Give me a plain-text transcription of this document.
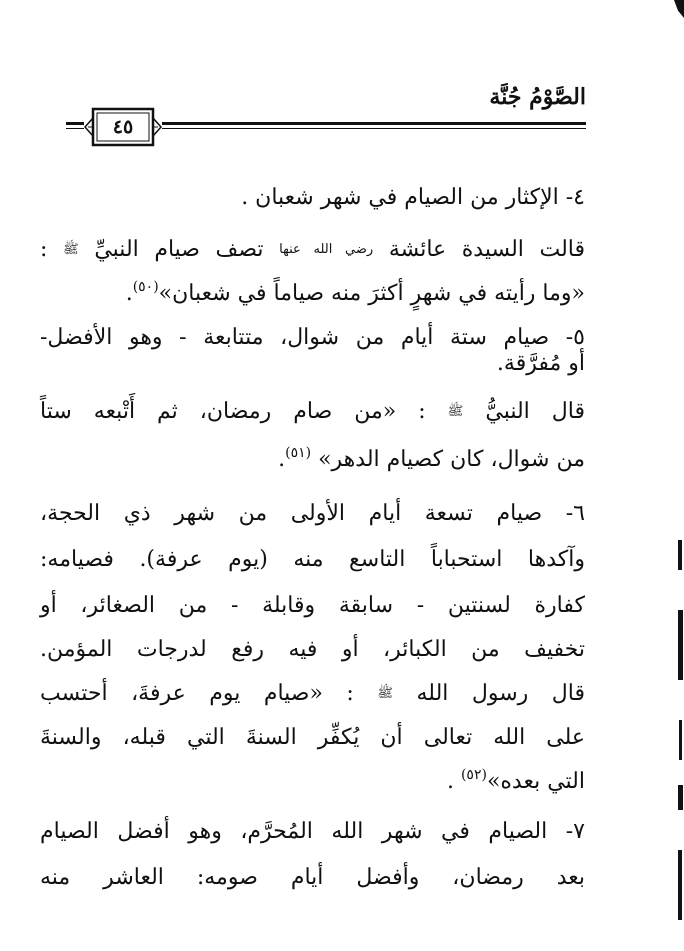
الصَّوْمُ جُنَّة
٤٥
٤- الإكثار من الصيام في شهر شعبان .
قالت السيدة عائشة رضي الله عنها تصف صيام النبيِّ ﷺ :
«وما رأيته في شهرٍ أكثرَ منه صياماً في شعبان»$^{(٥٠)}$.
٥- صيام ستة أيام من شوال، متتابعة - وهو الأفضل-
أو مُفرَّقة.
قال النبيُّ ﷺ : «من صام رمضان، ثم أَتْبعه ستاً
من شوال، كان كصيام الدهر» $^{(٥١)}$.
٦- صيام تسعة أيام الأولى من شهر ذي الحجة،
وآكدها استحباباً التاسع منه (يوم عرفة). فصيامه:
كفارة لسنتين - سابقة وقابلة - من الصغائر، أو
تخفيف من الكبائر، أو فيه رفع لدرجات المؤمن.
قال رسول الله ﷺ : «صيام يوم عرفةَ، أحتسب
على الله تعالى أن يُكفِّر السنةَ التي قبله، والسنةَ
التي بعده»$^{(٥٢)}$ .
٧- الصيام في شهر الله المُحرَّم، وهو أفضل الصيام
بعد رمضان، وأفضل أيام صومه: العاشر منه
